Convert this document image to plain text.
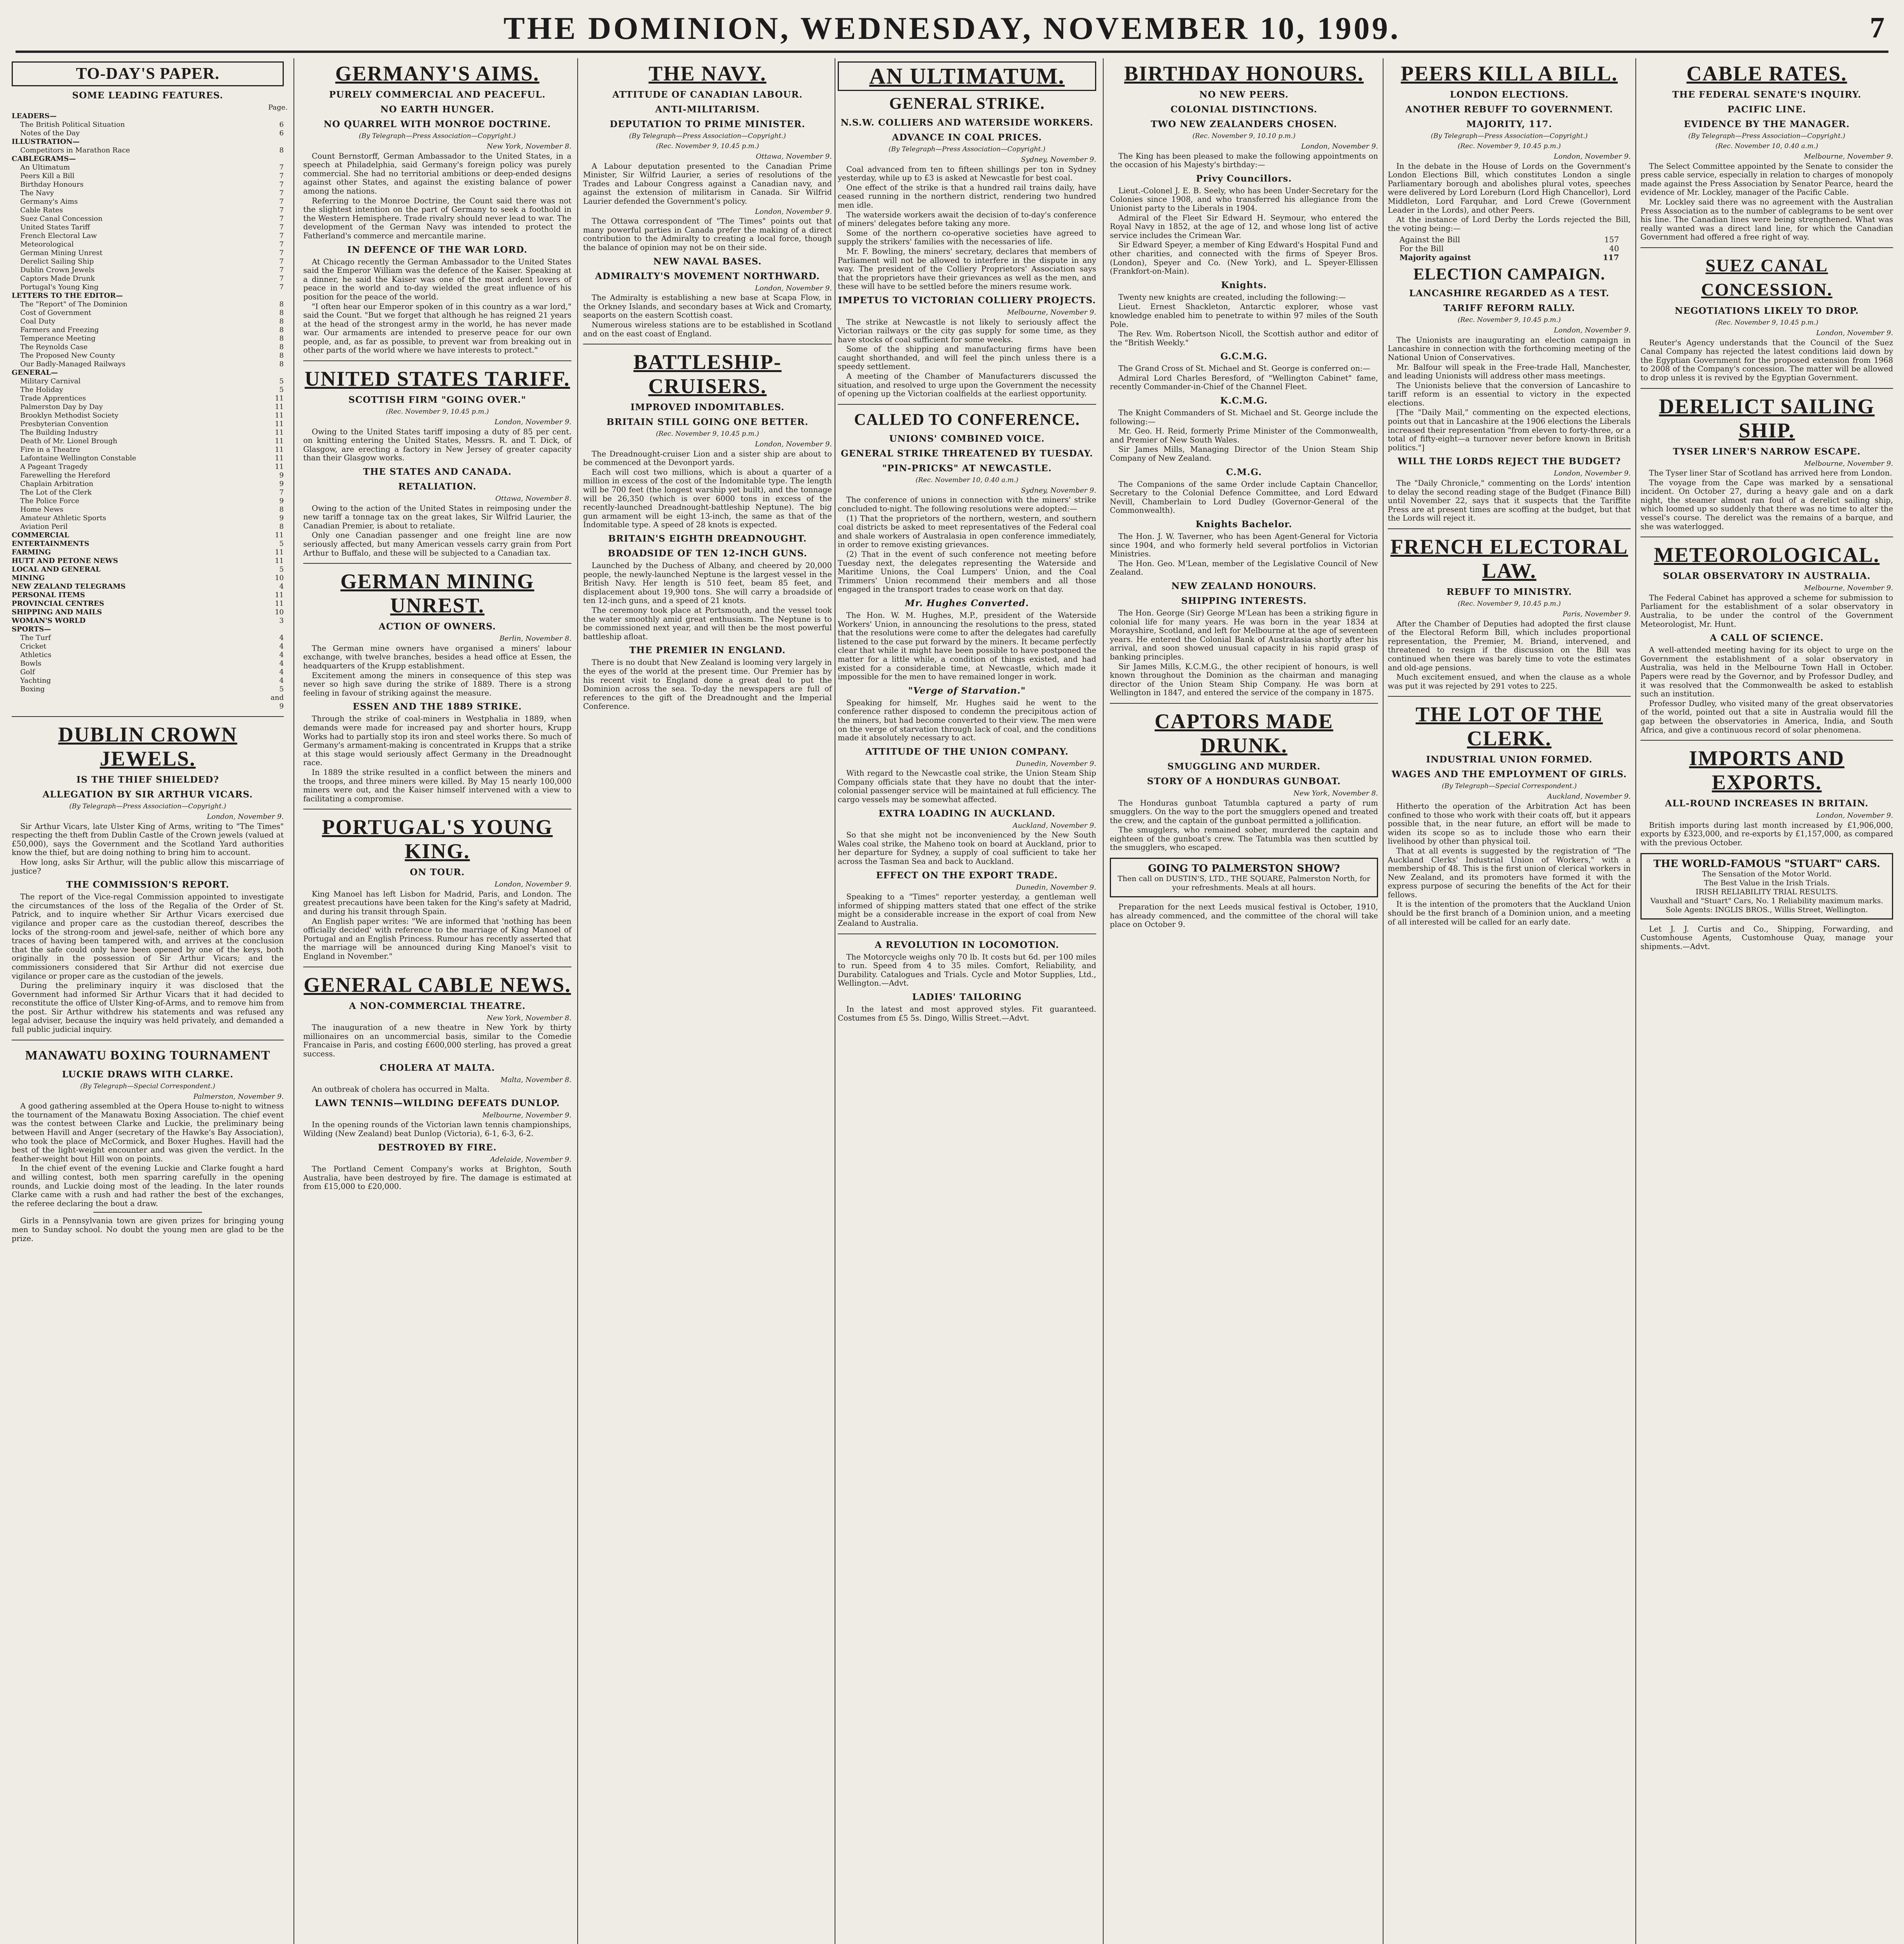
THE DOMINION, WEDNESDAY, NOVEMBER 10, 1909.	7
TO-DAY'S PAPER.
SOME LEADING FEATURES.
Page.
LEADERS—
The British Political Situation	6
Notes of the Day	6
ILLUSTRATION—
Competitors in Marathon Race	8
CABLEGRAMS—
An Ultimatum	7
Peers Kill a Bill	7
Birthday Honours	7
The Navy	7
Germany's Aims	7
Cable Rates	7
Suez Canal Concession	7
United States Tariff	7
French Electoral Law	7
Meteorological	7
German Mining Unrest	7
Derelict Sailing Ship	7
Dublin Crown Jewels	7
Captors Made Drunk	7
Portugal's Young King	7
LETTERS TO THE EDITOR—
The "Report" of The Dominion	8
Cost of Government	8
Coal Duty	8
Farmers and Freezing	8
Temperance Meeting	8
The Reynolds Case	8
The Proposed New County	8
Our Badly-Managed Railways	8
GENERAL—
Military Carnival	5
The Holiday	5
Trade Apprentices	11
Palmerston Day by Day	11
Brooklyn Methodist Society	11
Presbyterian Convention	11
The Building Industry	11
Death of Mr. Lionel Brough	11
Fire in a Theatre	11
Lafontaine Wellington Constable	11
A Pageant Tragedy	11
Farewelling the Hereford	9
Chaplain Arbitration	9
The Lot of the Clerk	7
The Police Force	9
Home News	8
Amateur Athletic Sports	9
Aviation Peril	8
COMMERCIAL	11
ENTERTAINMENTS	5
FARMING	11
HUTT AND PETONE NEWS	11
LOCAL AND GENERAL	5
MINING	10
NEW ZEALAND TELEGRAMS	4
PERSONAL ITEMS	11
PROVINCIAL CENTRES	11
SHIPPING AND MAILS	10
WOMAN'S WORLD	3
SPORTS—
The Turf	4
Cricket	4
Athletics	4
Bowls	4
Golf	4
Yachting	4
Boxing	5 and 9
DUBLIN CROWN JEWELS.
IS THE THIEF SHIELDED?
ALLEGATION BY SIR ARTHUR VICARS.
(By Telegraph—Press Association—Copyright.)
London, November 9.

Sir Arthur Vicars, late Ulster King of Arms, writing to "The Times" respecting the theft from Dublin Castle of the Crown jewels (valued at £50,000), says the Government and the Scotland Yard authorities know the thief, but are doing nothing to bring him to account.

How long, asks Sir Arthur, will the public allow this miscarriage of justice?

THE COMMISSION'S REPORT.

The report of the Vice-regal Commission appointed to investigate the circumstances of the loss of the Regalia of the Order of St. Patrick, and to inquire whether Sir Arthur Vicars exercised due vigilance and proper care as the custodian thereof, describes the locks of the strong-room and jewel-safe, neither of which bore any traces of having been tampered with, and arrives at the conclusion that the safe could only have been opened by one of the keys, both originally in the possession of Sir Arthur Vicars; and the commissioners considered that Sir Arthur did not exercise due vigilance or proper care as the custodian of the jewels.

During the preliminary inquiry it was disclosed that the Government had informed Sir Arthur Vicars that it had decided to reconstitute the office of Ulster King-of-Arms, and to remove him from the post. Sir Arthur withdrew his statements and was refused any legal adviser, because the inquiry was held privately, and demanded a full public judicial inquiry.

MANAWATU BOXING TOURNAMENT
LUCKIE DRAWS WITH CLARKE.
(By Telegraph—Special Correspondent.)
Palmerston, November 9.

A good gathering assembled at the Opera House to-night to witness the tournament of the Manawatu Boxing Association. The chief event was the contest between Clarke and Luckie, the preliminary being between Havill and Anger (secretary of the Hawke's Bay Association), who took the place of McCormick, and Boxer Hughes. Havill had the best of the light-weight encounter and was given the verdict. In the feather-weight bout Hill won on points.

In the chief event of the evening Luckie and Clarke fought a hard and willing contest, both men sparring carefully in the opening rounds, and Luckie doing most of the leading. In the later rounds Clarke came with a rush and had rather the best of the exchanges, the referee declaring the bout a draw.

Girls in a Pennsylvania town are given prizes for bringing young men to Sunday school. No doubt the young men are glad to be the prize.

GERMANY'S AIMS.
PURELY COMMERCIAL AND PEACEFUL.
NO EARTH HUNGER.
NO QUARREL WITH MONROE DOCTRINE.
(By Telegraph—Press Association—Copyright.)
New York, November 8.

Count Bernstorff, German Ambassador to the United States, in a speech at Philadelphia, said Germany's foreign policy was purely commercial. She had no territorial ambitions or deep-ended designs against other States, and against the existing balance of power among the nations.

Referring to the Monroe Doctrine, the Count said there was not the slightest intention on the part of Germany to seek a foothold in the Western Hemisphere. Trade rivalry should never lead to war. The development of the German Navy was intended to protect the Fatherland's commerce and mercantile marine.

IN DEFENCE OF THE WAR LORD.

At Chicago recently the German Ambassador to the United States said the Emperor William was the defence of the Kaiser. Speaking at a dinner, he said the Kaiser was one of the most ardent lovers of peace in the world and to-day wielded the great influence of his position for the peace of the world.

"I often hear our Emperor spoken of in this country as a war lord," said the Count. "But we forget that although he has reigned 21 years at the head of the strongest army in the world, he has never made war. Our armaments are intended to preserve peace for our own people, and, as far as possible, to prevent war from breaking out in other parts of the world where we have interests to protect."

UNITED STATES TARIFF.
SCOTTISH FIRM "GOING OVER."
(Rec. November 9, 10.45 p.m.)
London, November 9.

Owing to the United States tariff imposing a duty of 85 per cent. on knitting entering the United States, Messrs. R. and T. Dick, of Glasgow, are erecting a factory in New Jersey of greater capacity than their Glasgow works.

THE STATES AND CANADA.
RETALIATION.
Ottawa, November 8.

Owing to the action of the United States in reimposing under the new tariff a tonnage tax on the great lakes, Sir Wilfrid Laurier, the Canadian Premier, is about to retaliate.

Only one Canadian passenger and one freight line are now seriously affected, but many American vessels carry grain from Port Arthur to Buffalo, and these will be subjected to a Canadian tax.

GERMAN MINING UNREST.
ACTION OF OWNERS.
Berlin, November 8.

The German mine owners have organised a miners' labour exchange, with twelve branches, besides a head office at Essen, the headquarters of the Krupp establishment.

Excitement among the miners in consequence of this step was never so high save during the strike of 1889. There is a strong feeling in favour of striking against the measure.

ESSEN AND THE 1889 STRIKE.

Through the strike of coal-miners in Westphalia in 1889, when demands were made for increased pay and shorter hours, Krupp Works had to partially stop its iron and steel works there. So much of Germany's armament-making is concentrated in Krupps that a strike at this stage would seriously affect Germany in the Dreadnought race.

In 1889 the strike resulted in a conflict between the miners and the troops, and three miners were killed. By May 15 nearly 100,000 miners were out, and the Kaiser himself intervened with a view to facilitating a compromise.

PORTUGAL'S YOUNG KING.
ON TOUR.
London, November 9.

King Manoel has left Lisbon for Madrid, Paris, and London. The greatest precautions have been taken for the King's safety at Madrid, and during his transit through Spain.

An English paper writes: "We are informed that 'nothing has been officially decided' with reference to the marriage of King Manoel of Portugal and an English Princess. Rumour has recently asserted that the marriage will be announced during King Manoel's visit to England in November."

GENERAL CABLE NEWS.
A NON-COMMERCIAL THEATRE.
New York, November 8.

The inauguration of a new theatre in New York by thirty millionaires on an uncommercial basis, similar to the Comedie Francaise in Paris, and costing £600,000 sterling, has proved a great success.

CHOLERA AT MALTA.
Malta, November 8.

An outbreak of cholera has occurred in Malta.

LAWN TENNIS—WILDING DEFEATS DUNLOP.
Melbourne, November 9.

In the opening rounds of the Victorian lawn tennis championships, Wilding (New Zealand) beat Dunlop (Victoria), 6-1, 6-3, 6-2.

DESTROYED BY FIRE.
Adelaide, November 9.

The Portland Cement Company's works at Brighton, South Australia, have been destroyed by fire. The damage is estimated at from £15,000 to £20,000.

THE NAVY.
ATTITUDE OF CANADIAN LABOUR.
ANTI-MILITARISM.
DEPUTATION TO PRIME MINISTER.
(By Telegraph—Press Association—Copyright.)
(Rec. November 9, 10.45 p.m.)
Ottawa, November 9.

A Labour deputation presented to the Canadian Prime Minister, Sir Wilfrid Laurier, a series of resolutions of the Trades and Labour Congress against a Canadian navy, and against the extension of militarism in Canada. Sir Wilfrid Laurier defended the Government's policy.

London, November 9.

The Ottawa correspondent of "The Times" points out that many powerful parties in Canada prefer the making of a direct contribution to the Admiralty to creating a local force, though the balance of opinion may not be on their side.

NEW NAVAL BASES.
ADMIRALTY'S MOVEMENT NORTHWARD.
London, November 9.

The Admiralty is establishing a new base at Scapa Flow, in the Orkney Islands, and secondary bases at Wick and Cromarty, seaports on the eastern Scottish coast.

Numerous wireless stations are to be established in Scotland and on the east coast of England.

BATTLESHIP-CRUISERS.
IMPROVED INDOMITABLES.
BRITAIN STILL GOING ONE BETTER.
(Rec. November 9, 10.45 p.m.)
London, November 9.

The Dreadnought-cruiser Lion and a sister ship are about to be commenced at the Devonport yards.

Each will cost two millions, which is about a quarter of a million in excess of the cost of the Indomitable type. The length will be 700 feet (the longest warship yet built), and the tonnage will be 26,350 (which is over 6000 tons in excess of the recently-launched Dreadnought-battleship Neptune). The big gun armament will be eight 13-inch, the same as that of the Indomitable type. A speed of 28 knots is expected.

BRITAIN'S EIGHTH DREADNOUGHT.
BROADSIDE OF TEN 12-INCH GUNS.

Launched by the Duchess of Albany, and cheered by 20,000 people, the newly-launched Neptune is the largest vessel in the British Navy. Her length is 510 feet, beam 85 feet, and displacement about 19,900 tons. She will carry a broadside of ten 12-inch guns, and a speed of 21 knots.

The ceremony took place at Portsmouth, and the vessel took the water smoothly amid great enthusiasm. The Neptune is to be commissioned next year, and will then be the most powerful battleship afloat.

THE PREMIER IN ENGLAND.

There is no doubt that New Zealand is looming very largely in the eyes of the world at the present time. Our Premier has by his recent visit to England done a great deal to put the Dominion across the sea. To-day the newspapers are full of references to the gift of the Dreadnought and the Imperial Conference.

AN ULTIMATUM.
GENERAL STRIKE.
N.S.W. COLLIERS AND WATERSIDE WORKERS.
ADVANCE IN COAL PRICES.
(By Telegraph—Press Association—Copyright.)
Sydney, November 9.

Coal advanced from ten to fifteen shillings per ton in Sydney yesterday, while up to £3 is asked at Newcastle for best coal.

One effect of the strike is that a hundred rail trains daily, have ceased running in the northern district, rendering two hundred men idle.

The waterside workers await the decision of to-day's conference of miners' delegates before taking any more.

Some of the northern co-operative societies have agreed to supply the strikers' families with the necessaries of life.

Mr. F. Bowling, the miners' secretary, declares that members of Parliament will not be allowed to interfere in the dispute in any way. The president of the Colliery Proprietors' Association says that the proprietors have their grievances as well as the men, and these will have to be settled before the miners resume work.

IMPETUS TO VICTORIAN COLLIERY PROJECTS.
Melbourne, November 9.

The strike at Newcastle is not likely to seriously affect the Victorian railways or the city gas supply for some time, as they have stocks of coal sufficient for some weeks.

Some of the shipping and manufacturing firms have been caught shorthanded, and will feel the pinch unless there is a speedy settlement.

A meeting of the Chamber of Manufacturers discussed the situation, and resolved to urge upon the Government the necessity of opening up the Victorian coalfields at the earliest opportunity.

CALLED TO CONFERENCE.
UNIONS' COMBINED VOICE.
GENERAL STRIKE THREATENED BY TUESDAY.
"PIN-PRICKS" AT NEWCASTLE.
(Rec. November 10, 0.40 a.m.)
Sydney, November 9.

The conference of unions in connection with the miners' strike concluded to-night. The following resolutions were adopted:—

(1) That the proprietors of the northern, western, and southern coal districts be asked to meet representatives of the Federal coal and shale workers of Australasia in open conference immediately, in order to remove existing grievances.

(2) That in the event of such conference not meeting before Tuesday next, the delegates representing the Waterside and Maritime Unions, the Coal Lumpers' Union, and the Coal Trimmers' Union recommend their members and all those engaged in the transport trades to cease work on that day.

Mr. Hughes Converted.

The Hon. W. M. Hughes, M.P., president of the Waterside Workers' Union, in announcing the resolutions to the press, stated that the resolutions were come to after the delegates had carefully listened to the case put forward by the miners. It became perfectly clear that while it might have been possible to have postponed the matter for a little while, a condition of things existed, and had existed for a considerable time, at Newcastle, which made it impossible for the men to have remained longer in work.

"Verge of Starvation."

Speaking for himself, Mr. Hughes said he went to the conference rather disposed to condemn the precipitous action of the miners, but had become converted to their view. The men were on the verge of starvation through lack of coal, and the conditions made it absolutely necessary to act.

ATTITUDE OF THE UNION COMPANY.
Dunedin, November 9.

With regard to the Newcastle coal strike, the Union Steam Ship Company officials state that they have no doubt that the inter-colonial passenger service will be maintained at full efficiency. The cargo vessels may be somewhat affected.

EXTRA LOADING IN AUCKLAND.
Auckland, November 9.

So that she might not be inconvenienced by the New South Wales coal strike, the Maheno took on board at Auckland, prior to her departure for Sydney, a supply of coal sufficient to take her across the Tasman Sea and back to Auckland.

EFFECT ON THE EXPORT TRADE.
Dunedin, November 9.

Speaking to a "Times" reporter yesterday, a gentleman well informed of shipping matters stated that one effect of the strike might be a considerable increase in the export of coal from New Zealand to Australia.

A REVOLUTION IN LOCOMOTION.

The Motorcycle weighs only 70 lb. It costs but 6d. per 100 miles to run. Speed from 4 to 35 miles. Comfort, Reliability, and Durability. Catalogues and Trials. Cycle and Motor Supplies, Ltd., Wellington.—Advt.

LADIES' TAILORING

In the latest and most approved styles. Fit guaranteed. Costumes from £5 5s. Dingo, Willis Street.—Advt.

BIRTHDAY HONOURS.
NO NEW PEERS.
COLONIAL DISTINCTIONS.
TWO NEW ZEALANDERS CHOSEN.
(Rec. November 9, 10.10 p.m.)
London, November 9.

The King has been pleased to make the following appointments on the occasion of his Majesty's birthday:—

Privy Councillors.

Lieut.-Colonel J. E. B. Seely, who has been Under-Secretary for the Colonies since 1908, and who transferred his allegiance from the Unionist party to the Liberals in 1904.

Admiral of the Fleet Sir Edward H. Seymour, who entered the Royal Navy in 1852, at the age of 12, and whose long list of active service includes the Crimean War.

Sir Edward Speyer, a member of King Edward's Hospital Fund and other charities, and connected with the firms of Speyer Bros. (London), Speyer and Co. (New York), and L. Speyer-Ellissen (Frankfort-on-Main).

Knights.

Twenty new knights are created, including the following:—

Lieut. Ernest Shackleton, Antarctic explorer, whose vast knowledge enabled him to penetrate to within 97 miles of the South Pole.

The Rev. Wm. Robertson Nicoll, the Scottish author and editor of the "British Weekly."

G.C.M.G.

The Grand Cross of St. Michael and St. George is conferred on:—

Admiral Lord Charles Beresford, of "Wellington Cabinet" fame, recently Commander-in-Chief of the Channel Fleet.

K.C.M.G.

The Knight Commanders of St. Michael and St. George include the following:—

Mr. Geo. H. Reid, formerly Prime Minister of the Commonwealth, and Premier of New South Wales.

Sir James Mills, Managing Director of the Union Steam Ship Company of New Zealand.

C.M.G.

The Companions of the same Order include Captain Chancellor, Secretary to the Colonial Defence Committee, and Lord Edward Nevill, Chamberlain to Lord Dudley (Governor-General of the Commonwealth).

Knights Bachelor.

The Hon. J. W. Taverner, who has been Agent-General for Victoria since 1904, and who formerly held several portfolios in Victorian Ministries.

The Hon. Geo. M'Lean, member of the Legislative Council of New Zealand.

NEW ZEALAND HONOURS.
SHIPPING INTERESTS.

The Hon. George (Sir) George M'Lean has been a striking figure in colonial life for many years. He was born in the year 1834 at Morayshire, Scotland, and left for Melbourne at the age of seventeen years. He entered the Colonial Bank of Australasia shortly after his arrival, and soon showed unusual capacity in his rapid grasp of banking principles.

Sir James Mills, K.C.M.G., the other recipient of honours, is well known throughout the Dominion as the chairman and managing director of the Union Steam Ship Company. He was born at Wellington in 1847, and entered the service of the company in 1875.

CAPTORS MADE DRUNK.
SMUGGLING AND MURDER.
STORY OF A HONDURAS GUNBOAT.
New York, November 8.

The Honduras gunboat Tatumbla captured a party of rum smugglers. On the way to the port the smugglers opened and treated the crew, and the captain of the gunboat permitted a jollification.

The smugglers, who remained sober, murdered the captain and eighteen of the gunboat's crew. The Tatumbla was then scuttled by the smugglers, who escaped.

GOING TO PALMERSTON SHOW?
Then call on DUSTIN'S, LTD., THE SQUARE, Palmerston North, for your refreshments. Meals at all hours.

Preparation for the next Leeds musical festival is October, 1910, has already commenced, and the committee of the choral will take place on October 9.

PEERS KILL A BILL.
LONDON ELECTIONS.
ANOTHER REBUFF TO GOVERNMENT.
MAJORITY, 117.
(By Telegraph—Press Association—Copyright.)
(Rec. November 9, 10.45 p.m.)
London, November 9.

In the debate in the House of Lords on the Government's London Elections Bill, which constitutes London a single Parliamentary borough and abolishes plural votes, speeches were delivered by Lord Loreburn (Lord High Chancellor), Lord Middleton, Lord Farquhar, and Lord Crewe (Government Leader in the Lords), and other Peers.

At the instance of Lord Derby the Lords rejected the Bill, the voting being:—

Against the Bill	157
For the Bill	40
Majority against	117
ELECTION CAMPAIGN.
LANCASHIRE REGARDED AS A TEST.
TARIFF REFORM RALLY.
(Rec. November 9, 10.45 p.m.)
London, November 9.

The Unionists are inaugurating an election campaign in Lancashire in connection with the forthcoming meeting of the National Union of Conservatives.

Mr. Balfour will speak in the Free-trade Hall, Manchester, and leading Unionists will address other mass meetings.

The Unionists believe that the conversion of Lancashire to tariff reform is an essential to victory in the expected elections.

[The "Daily Mail," commenting on the expected elections, points out that in Lancashire at the 1906 elections the Liberals increased their representation "from eleven to forty-three, or a total of fifty-eight—a turnover never before known in British politics."]

WILL THE LORDS REJECT THE BUDGET?
London, November 9.

The "Daily Chronicle," commenting on the Lords' intention to delay the second reading stage of the Budget (Finance Bill) until November 22, says that it suspects that the Tariffite Press are at present times are scoffing at the budget, but that the Lords will reject it.

FRENCH ELECTORAL LAW.
REBUFF TO MINISTRY.
(Rec. November 9, 10.45 p.m.)
Paris, November 9.

After the Chamber of Deputies had adopted the first clause of the Electoral Reform Bill, which includes proportional representation, the Premier, M. Briand, intervened, and threatened to resign if the discussion on the Bill was continued when there was barely time to vote the estimates and old-age pensions.

Much excitement ensued, and when the clause as a whole was put it was rejected by 291 votes to 225.

THE LOT OF THE CLERK.
INDUSTRIAL UNION FORMED.
WAGES AND THE EMPLOYMENT OF GIRLS.
(By Telegraph—Special Correspondent.)
Auckland, November 9.

Hitherto the operation of the Arbitration Act has been confined to those who work with their coats off, but it appears possible that, in the near future, an effort will be made to widen its scope so as to include those who earn their livelihood by other than physical toil.

That at all events is suggested by the registration of "The Auckland Clerks' Industrial Union of Workers," with a membership of 48. This is the first union of clerical workers in New Zealand, and its promoters have formed it with the express purpose of securing the benefits of the Act for their fellows.

It is the intention of the promoters that the Auckland Union should be the first branch of a Dominion union, and a meeting of all interested will be called for an early date.

CABLE RATES.
THE FEDERAL SENATE'S INQUIRY.
PACIFIC LINE.
EVIDENCE BY THE MANAGER.
(By Telegraph—Press Association—Copyright.)
(Rec. November 10, 0.40 a.m.)
Melbourne, November 9.

The Select Committee appointed by the Senate to consider the press cable service, especially in relation to charges of monopoly made against the Press Association by Senator Pearce, heard the evidence of Mr. Lockley, manager of the Pacific Cable.

Mr. Lockley said there was no agreement with the Australian Press Association as to the number of cablegrams to be sent over his line. The Canadian lines were being strengthened. What was really wanted was a direct land line, for which the Canadian Government had offered a free right of way.

SUEZ CANAL CONCESSION.
NEGOTIATIONS LIKELY TO DROP.
(Rec. November 9, 10.45 p.m.)
London, November 9.

Reuter's Agency understands that the Council of the Suez Canal Company has rejected the latest conditions laid down by the Egyptian Government for the proposed extension from 1968 to 2008 of the Company's concession. The matter will be allowed to drop unless it is revived by the Egyptian Government.

DERELICT SAILING SHIP.
TYSER LINER'S NARROW ESCAPE.
Melbourne, November 9.

The Tyser liner Star of Scotland has arrived here from London.

The voyage from the Cape was marked by a sensational incident. On October 27, during a heavy gale and on a dark night, the steamer almost ran foul of a derelict sailing ship, which loomed up so suddenly that there was no time to alter the vessel's course. The derelict was the remains of a barque, and she was waterlogged.

METEOROLOGICAL.
SOLAR OBSERVATORY IN AUSTRALIA.
Melbourne, November 9.

The Federal Cabinet has approved a scheme for submission to Parliament for the establishment of a solar observatory in Australia, to be under the control of the Government Meteorologist, Mr. Hunt.

A CALL OF SCIENCE.

A well-attended meeting having for its object to urge on the Government the establishment of a solar observatory in Australia, was held in the Melbourne Town Hall in October. Papers were read by the Governor, and by Professor Dudley, and it was resolved that the Commonwealth be asked to establish such an institution.

Professor Dudley, who visited many of the great observatories of the world, pointed out that a site in Australia would fill the gap between the observatories in America, India, and South Africa, and give a continuous record of solar phenomena.

IMPORTS AND EXPORTS.
ALL-ROUND INCREASES IN BRITAIN.
London, November 9.

British imports during last month increased by £1,906,000, exports by £323,000, and re-exports by £1,157,000, as compared with the previous October.

THE WORLD-FAMOUS "STUART" CARS.
The Sensation of the Motor World.
The Best Value in the Irish Trials.
IRISH RELIABILITY TRIAL RESULTS.
Vauxhall and "Stuart" Cars, No. 1 Reliability maximum marks.
Sole Agents: INGLIS BROS., Willis Street, Wellington.

Let J. J. Curtis and Co., Shipping, Forwarding, and Customhouse Agents, Customhouse Quay, manage your shipments.—Advt.
